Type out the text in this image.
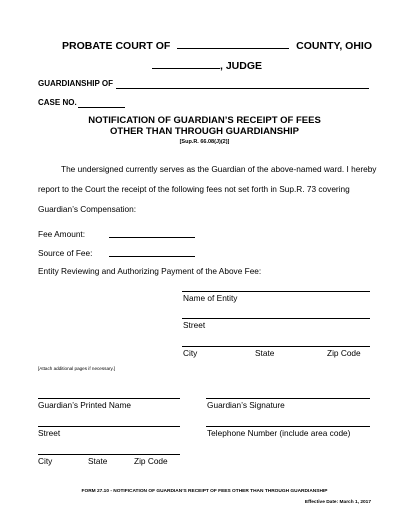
PROBATE COURT OF	COUNTY, OHIO
, JUDGE
GUARDIANSHIP OF
CASE NO.
NOTIFICATION OF GUARDIAN’S RECEIPT OF FEES
OTHER THAN THROUGH GUARDIANSHIP
[Sup.R. 66.08(J)(2)]
The undersigned currently serves as the Guardian of the above-named ward. I hereby
report to the Court the receipt of the following fees not set forth in Sup.R. 73 covering
Guardian’s Compensation:
Fee Amount:
Source of Fee:
Entity Reviewing and Authorizing Payment of the Above Fee:
Name of Entity
Street
City	State	Zip Code
[Attach additional pages if necessary.]
Guardian’s Printed Name	Guardian’s Signature
Street	Telephone Number (include area code)
City	State	Zip Code
FORM 27.10 - NOTIFICATION OF GUARDIAN’S RECEIPT OF FEES OTHER THAN THROUGH GUARDIANSHIP
Effective Date: March 1, 2017
